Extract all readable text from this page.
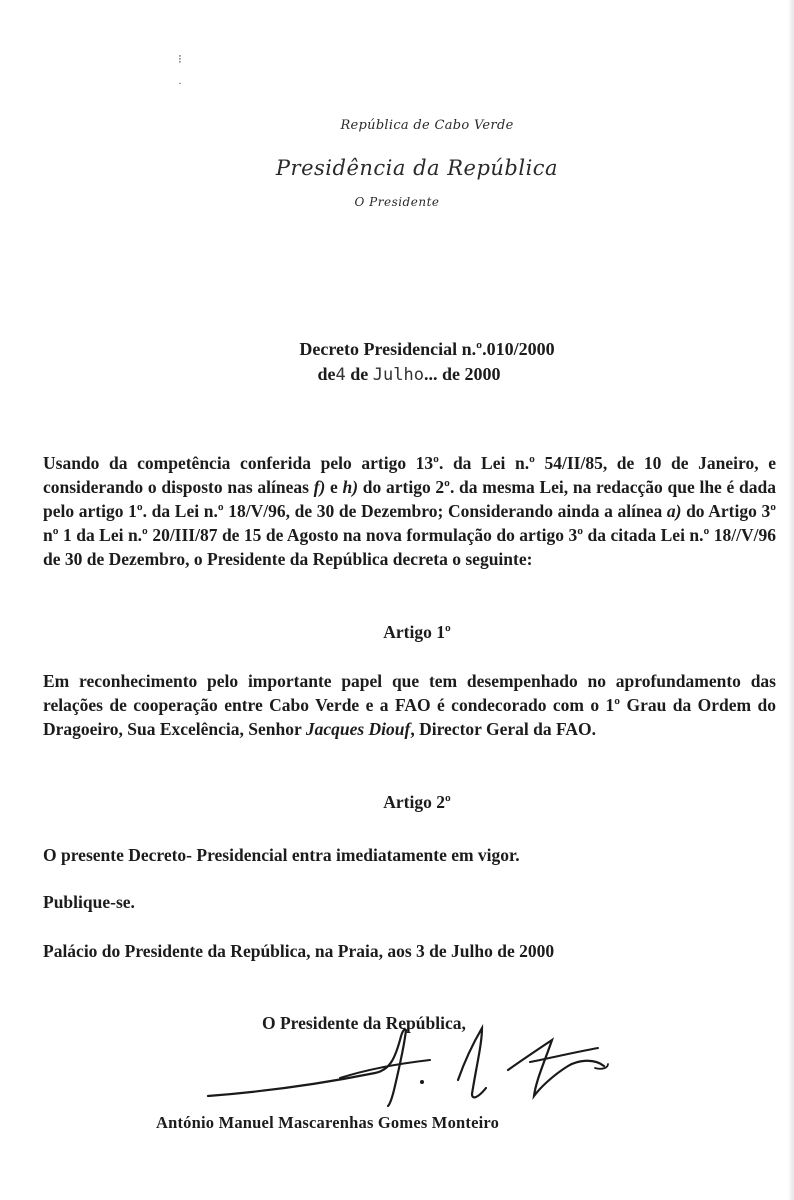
⁝
·
República de Cabo Verde
Presidência da República
O Presidente
Decreto Presidencial n.º.010/2000
de4 de Julho... de 2000
Usando da competência conferida pelo artigo 13º. da Lei n.º 54/II/85, de 10 de Janeiro, e considerando o disposto nas alíneas f) e h) do artigo 2º. da mesma Lei, na redacção que lhe é dada pelo artigo 1º. da Lei n.º 18/V/96, de 30 de Dezembro; Considerando ainda a alínea a) do Artigo 3º nº 1 da Lei n.º 20/III/87 de 15 de Agosto na nova formulação do artigo 3º da citada Lei n.º 18//V/96 de 30 de Dezembro, o Presidente da República decreta o seguinte:
Artigo 1º
Em reconhecimento pelo importante papel que tem desempenhado no aprofundamento das relações de cooperação entre Cabo Verde e a FAO é condecorado com o 1º Grau da Ordem do Dragoeiro, Sua Excelência, Senhor Jacques Diouf, Director Geral da FAO.
Artigo 2º
O presente Decreto- Presidencial entra imediatamente em vigor.
Publique-se.
Palácio do Presidente da República, na Praia, aos 3 de Julho de 2000
O Presidente da República,
António Manuel Mascarenhas Gomes Monteiro
